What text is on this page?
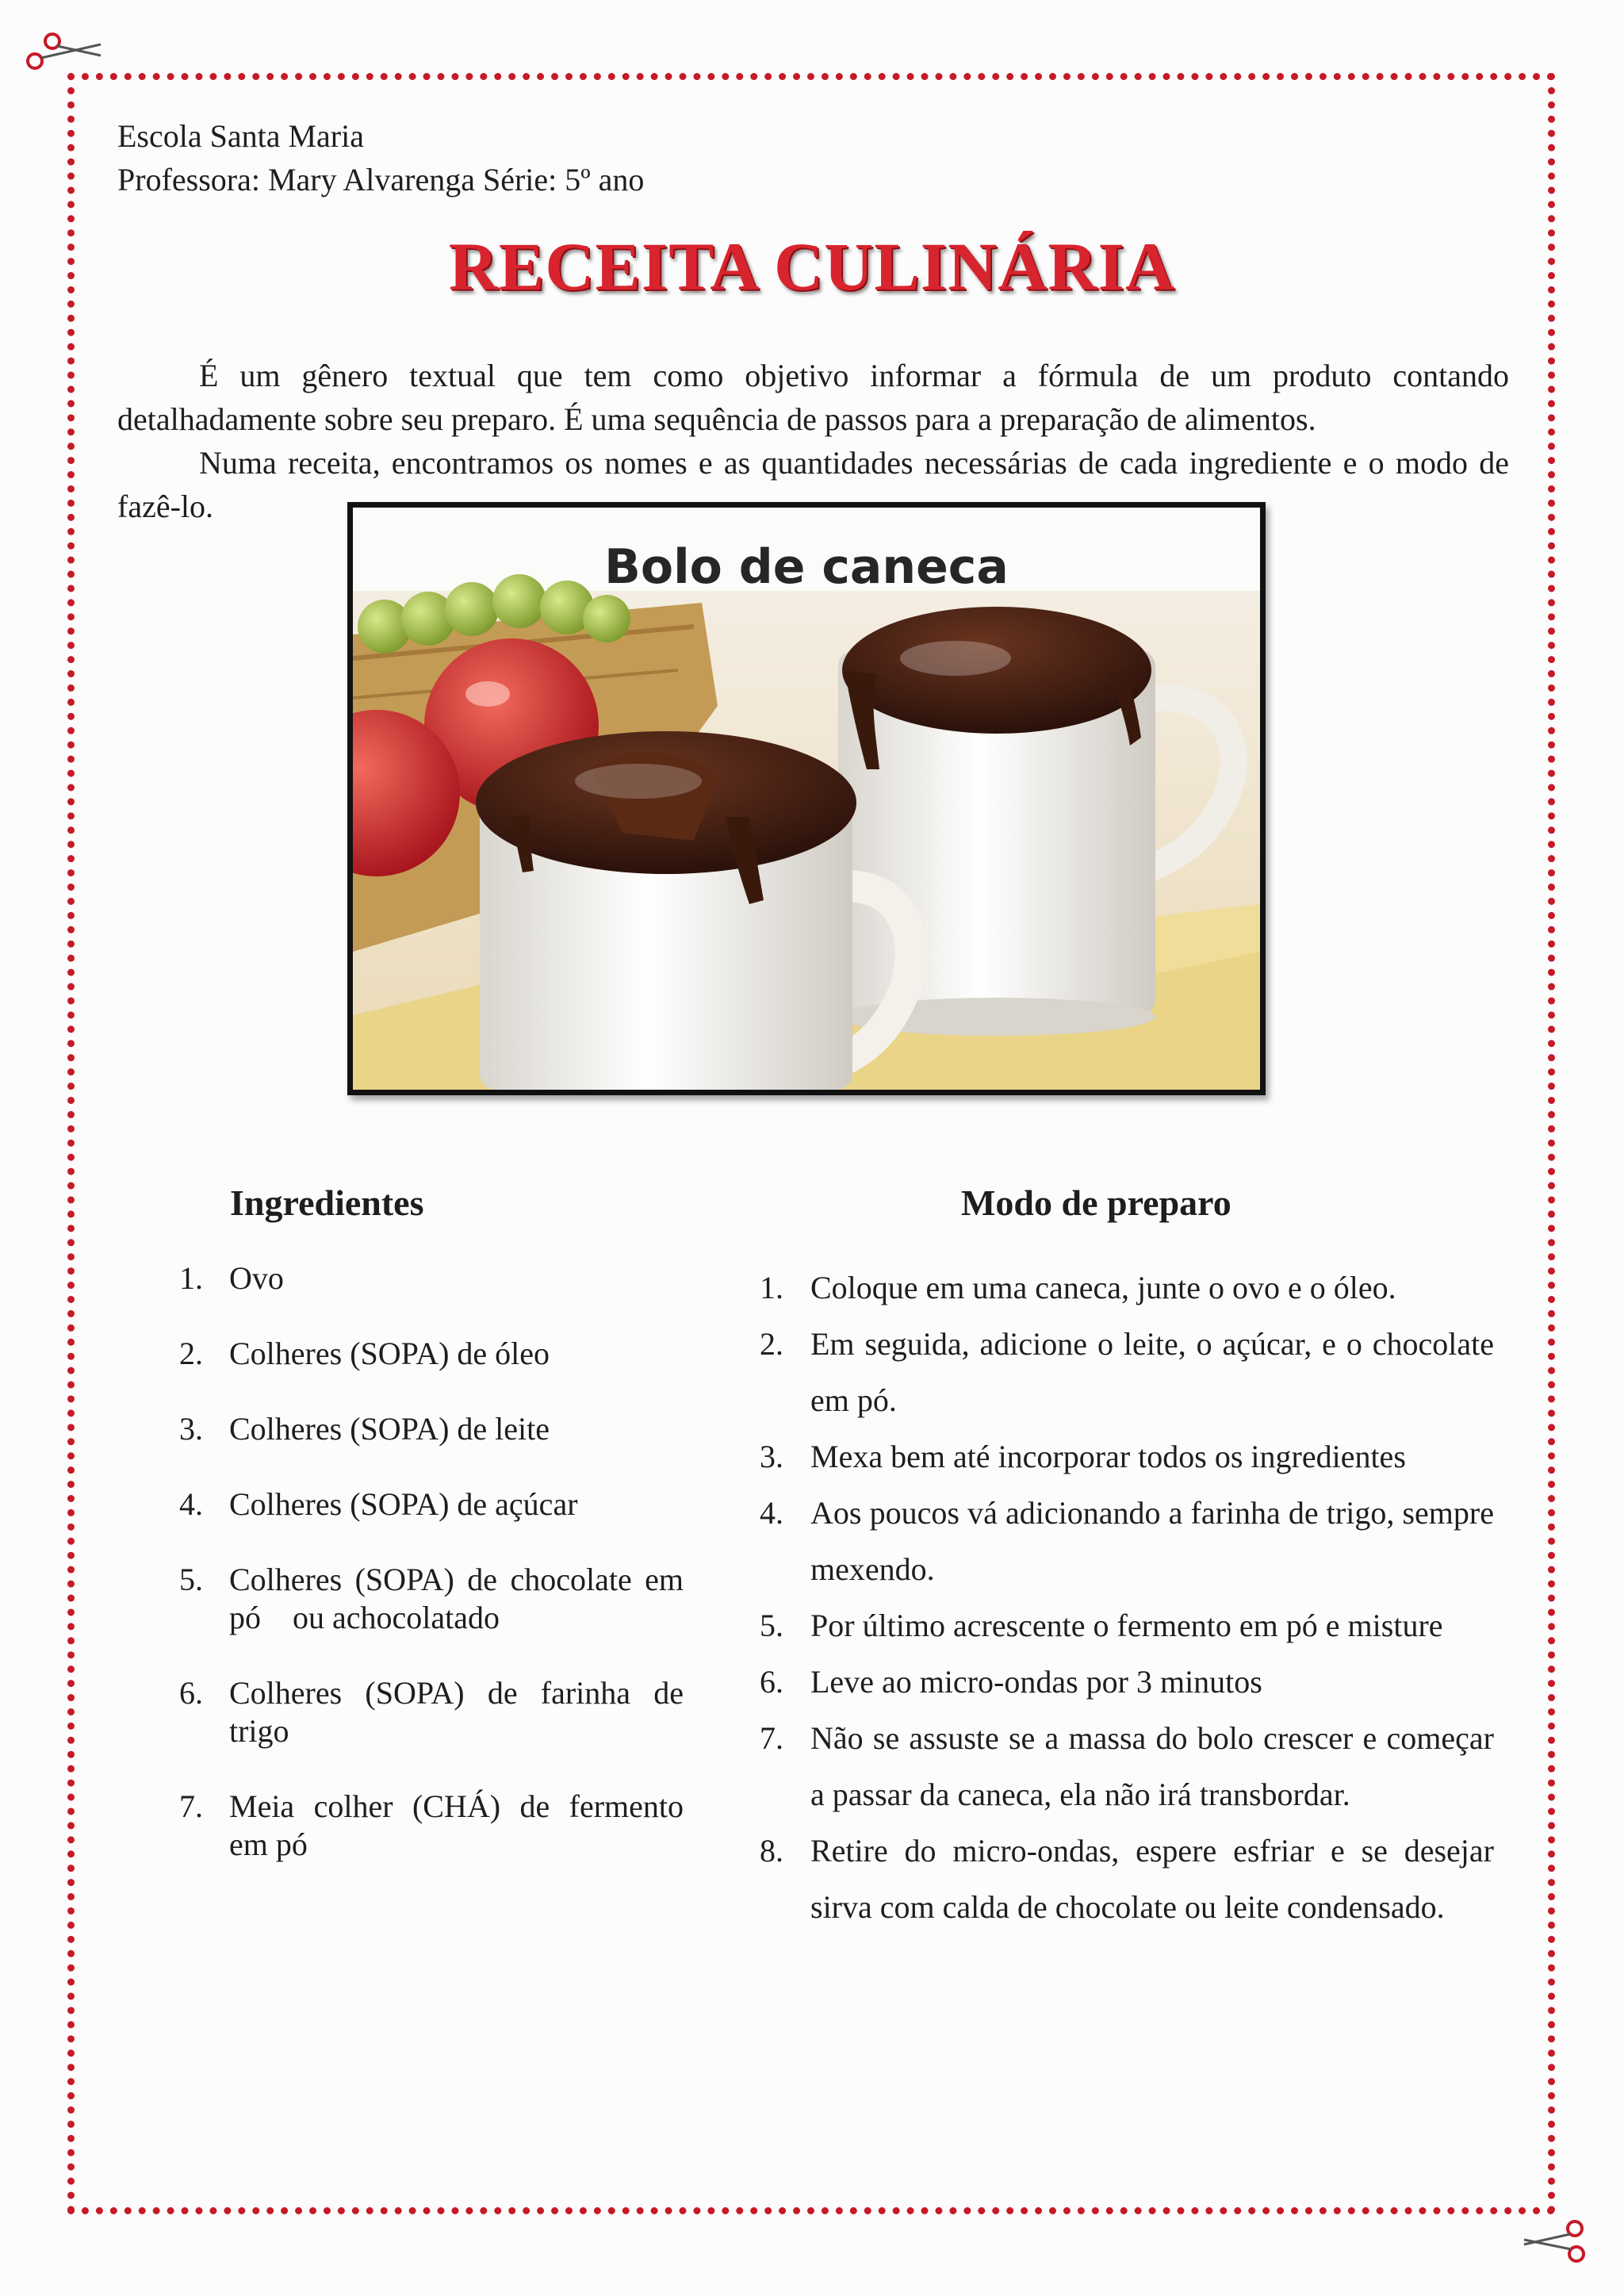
Escola Santa Maria
Professora: Mary Alvarenga Série: 5º ano
RECEITA CULINÁRIA

É um gênero textual que tem como objetivo informar a fórmula de um produto contando detalhadamente sobre seu preparo. É uma sequência de passos para a preparação de alimentos.

Numa receita, encontramos os nomes e as quantidades necessárias de cada ingrediente e o modo de fazê-lo.

Bolo de caneca
Ingredientes	Modo de preparo
1. Ovo
2. Colheres (SOPA) de óleo
3. Colheres (SOPA) de leite
4. Colheres (SOPA) de açúcar
5. Colheres (SOPA) de chocolate em pó    ou achocolatado
6. Colheres (SOPA) de farinha de trigo
7. Meia colher (CHÁ) de fermento em pó
1. Coloque em uma caneca, junte o ovo e o óleo.
2. Em seguida, adicione o leite, o açúcar, e o chocolate em pó.
3. Mexa bem até incorporar todos os ingredientes
4. Aos poucos vá adicionando a farinha de trigo, sempre mexendo.
5. Por último acrescente o fermento em pó e misture
6. Leve ao micro-ondas por 3 minutos
7. Não se assuste se a massa do bolo crescer e começar a passar da caneca, ela não irá transbordar.
8. Retire do micro-ondas, espere esfriar e se desejar sirva com calda de chocolate ou leite condensado.
